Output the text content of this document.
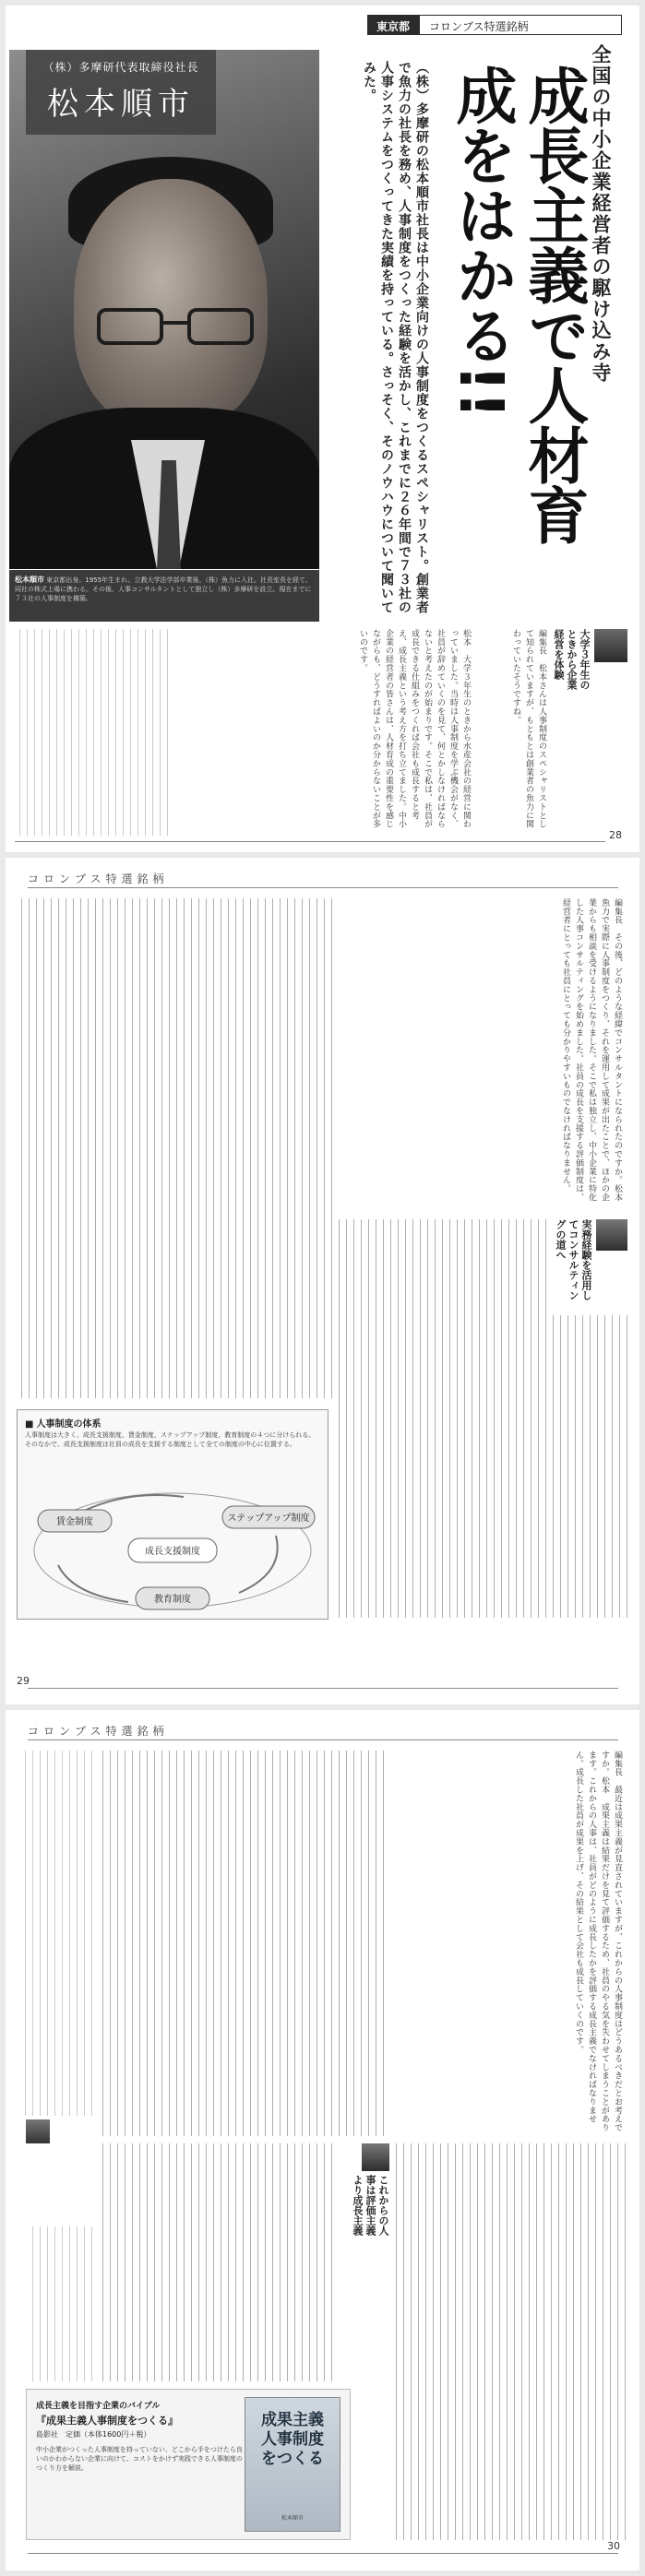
東京都	コロンブス特選銘柄
（株）多摩研代表取締役社長
松本順市
松本順市 東京都出身。1955年生まれ。立教大学法学部卒業後、（株）魚力に入社。社長室長を経て、同社の株式上場に携わる。その後、人事コンサルタントとして独立し（株）多摩研を設立。現在までに７３社の人事制度を構築。
全国の中小企業経営者の駆け込み寺
成長主義で人材育成をはかる!!
（株）多摩研の松本順市社長は中小企業向けの人事制度をつくるスペシャリスト。創業者で魚力の社長を務め、人事制度をつくった経験を活かし、これまでに２６年間で７３社の人事システムをつくってきた実績を持っている。さっそく、そのノウハウについて聞いてみた。
大学３年生のときから企業経営を体験
編集長　松本さんは人事制度のスペシャリストとして知られていますが、もともとは創業者の魚力に関わっていたそうですね。
松本　大学３年生のときから水産会社の経営に関わっていました。当時は人事制度を学ぶ機会がなく、社員が辞めていくのを見て、何とかしなければならないと考えたのが始まりです。そこで私は、社員が成長できる仕組みをつくれば会社も成長すると考え、成長主義という考え方を打ち立てました。中小企業の経営者の皆さんは、人材育成の重要性を感じながらも、どうすればよいのか分からないことが多いのです。
28
コロンブス特選銘柄
編集長　その後、どのような経緯でコンサルタントになられたのですか。松本　魚力で実際に人事制度をつくり、それを運用して成果が出たことで、ほかの企業からも相談を受けるようになりました。そこで私は独立し、中小企業に特化した人事コンサルティングを始めました。社員の成長を支援する評価制度は、経営者にとっても社員にとっても分かりやすいものでなければなりません。
実務経験を活用してコンサルティングの道へ
■ 人事制度の体系
人事制度は大きく、成長支援制度、賃金制度、ステップアップ制度、教育制度の４つに分けられる。そのなかで、成長支援制度は社員の成長を支援する制度として全ての制度の中心に位置する。
成長支援制度
賃金制度	ステップアップ制度
教育制度
29
コロンブス特選銘柄
編集長　最近は成果主義が見直されていますが、これからの人事制度はどうあるべきだとお考えですか。松本　成果主義は結果だけを見て評価するため、社員のやる気を失わせてしまうことがあります。これからの人事は、社員がどのように成長したかを評価する成長主義でなければなりません。成長した社員が成果を上げ、その結果として会社も成長していくのです。
これからの人事は評価主義より成長主義
成長主義を目指す企業のバイブル
『成果主義人事制度をつくる』
島影社　定価（本体1600円＋税）
中小企業がつくった人事制度を持っていない、どこから手をつけたら良いのかわからない企業に向けて、コストをかけず実践できる人事制度のつくり方を解説。
成果主義
人事制度
をつくる
松本順市
30
